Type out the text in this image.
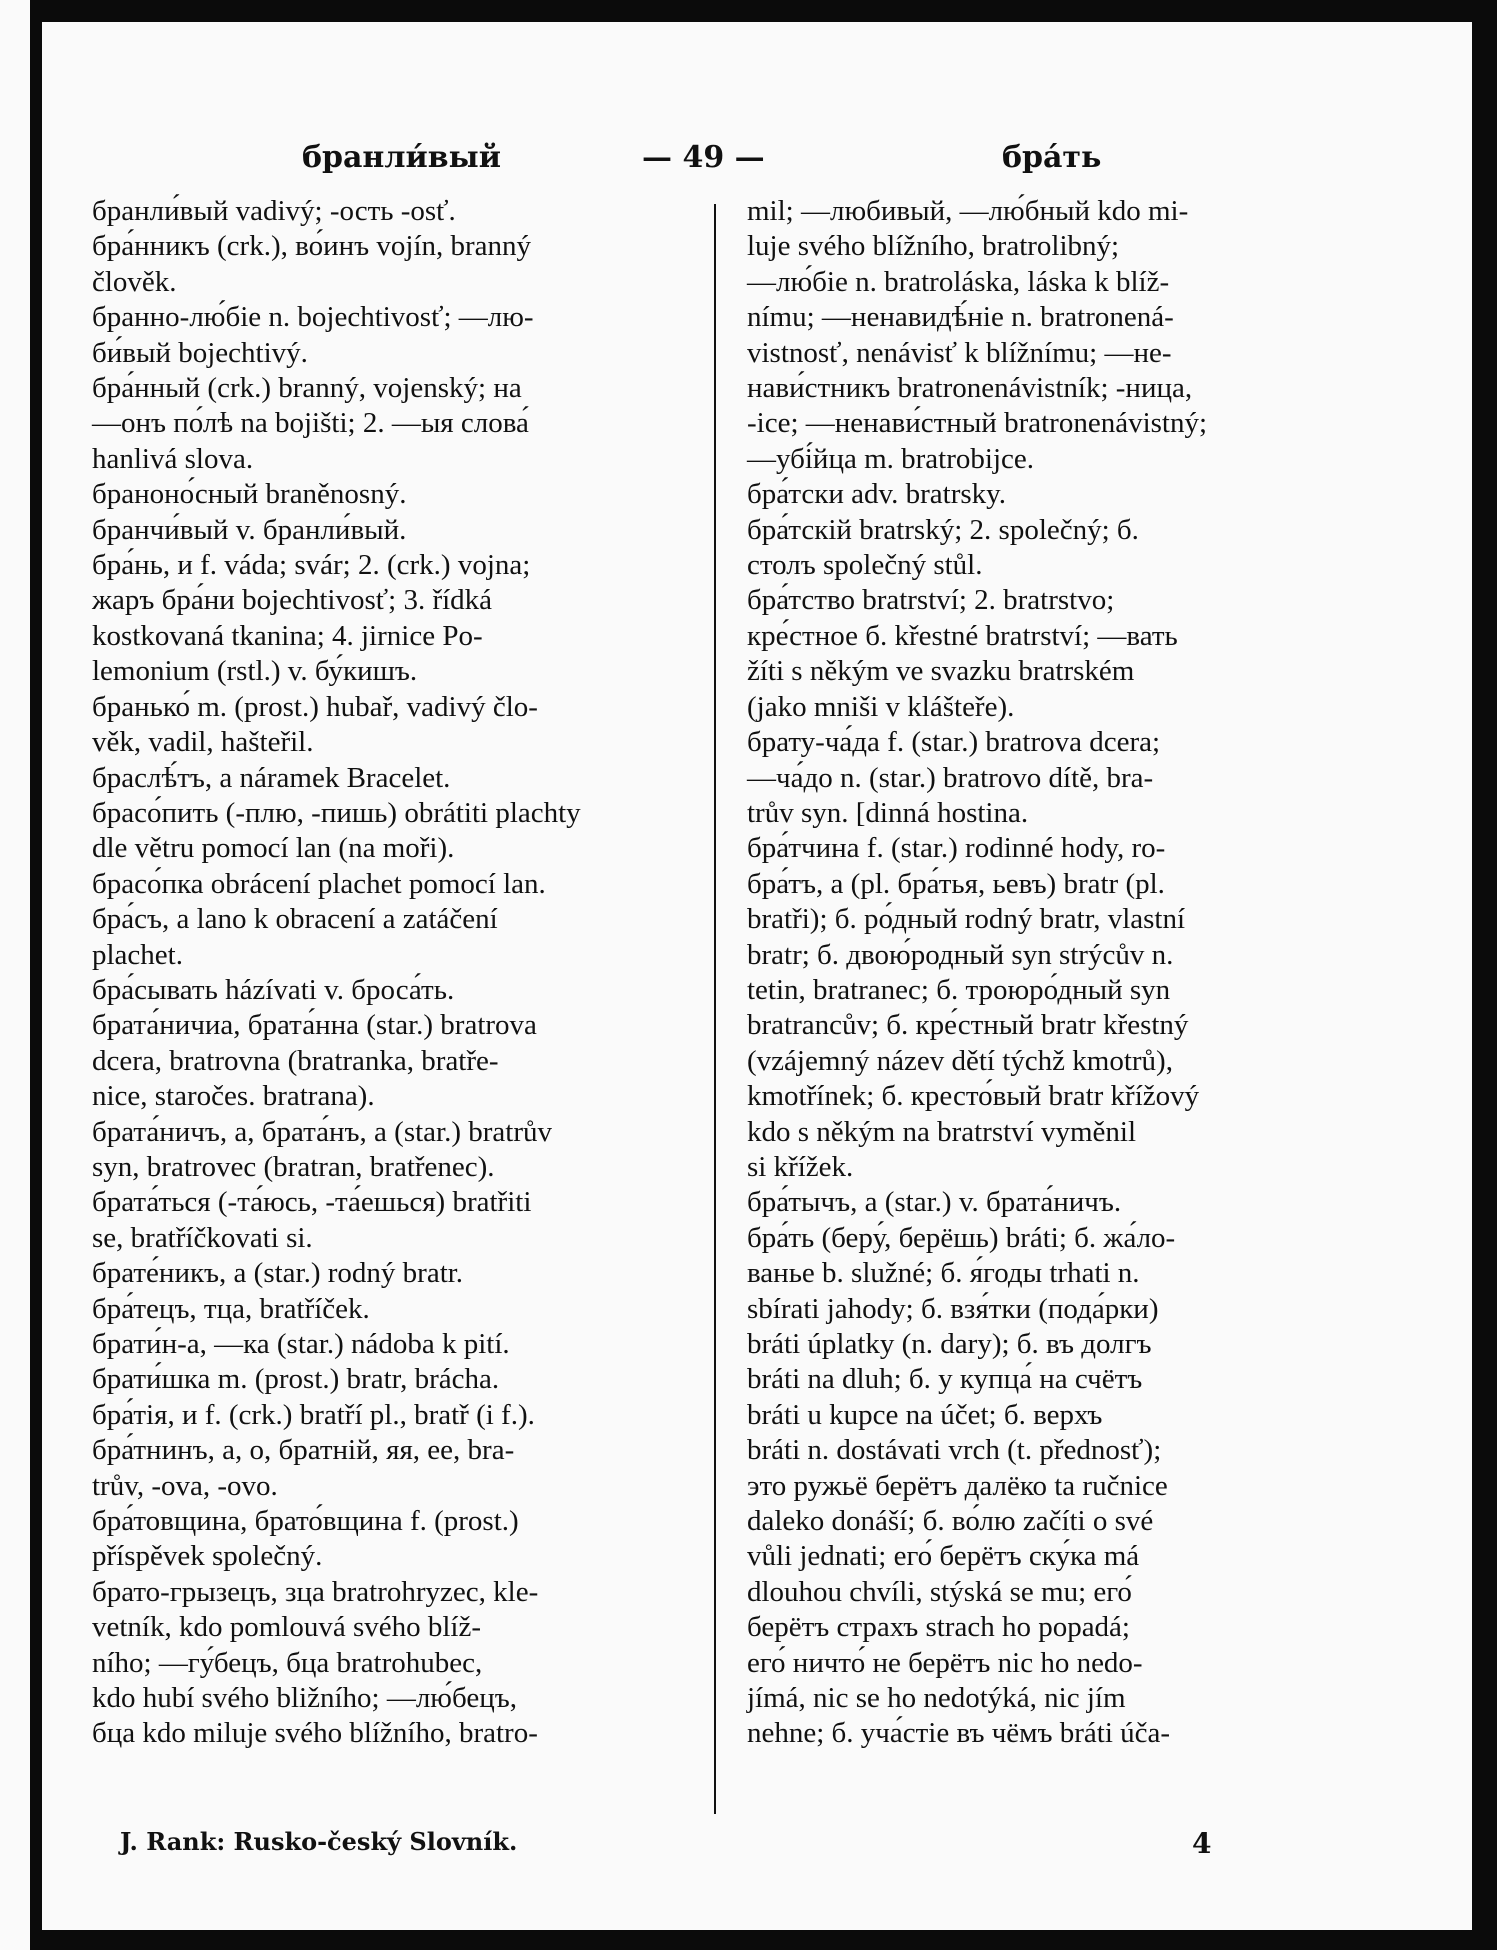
бранли́вый	— 49 —	бра́ть
бранли́вый vadivý; -ость -osť.
бра́нникъ (crk.), во́инъ vojín, branný
člověk.
бранно-лю́біе n. bojechtivosť; —лю-
би́вый bojechtivý.
бра́нный (crk.) branný, vojenský; на
—онъ по́лѣ na bojišti; 2. —ыя слова́
hanlivá slova.
браноно́сный braněnosný.
бранчи́вый v. бранли́вый.
бра́нь, и f. váda; svár; 2. (crk.) vojna;
жаръ бра́ни bojechtivosť; 3. řídká
kostkovaná tkanina; 4. jirnice Po-
lemonium (rstl.) v. бу́кишъ.
бранько́ m. (prost.) hubař, vadivý člo-
věk, vadil, hašteřil.
браслѣ́тъ, a náramek Bracelet.
брасо́пить (-плю, -пишь) obrátiti plachty
dle větru pomocí lan (na moři).
брасо́пка obrácení plachet pomocí lan.
бра́съ, a lano k obracení a zatáčení
plachet.
бра́сывать házívati v. броса́ть.
брата́ничиа, брата́нна (star.) bratrova
dcera, bratrovna (bratranka, bratře-
nice, staročes. bratrana).
брата́ничъ, a, брата́нъ, a (star.) bratrův
syn, bratrovec (bratran, bratřenec).
брата́ться (-та́юсь, -та́ешься) bratřiti
se, bratříčkovati si.
брате́никъ, a (star.) rodný bratr.
бра́тецъ, тца, bratříček.
брати́н-а, —ка (star.) nádoba k pití.
брати́шка m. (prost.) bratr, brácha.
бра́тія, и f. (crk.) bratří pl., bratř (i f.).
бра́тнинъ, a, o, братній, яя, ee, bra-
trův, -ova, -ovo.
бра́товщина, брато́вщина f. (prost.)
příspěvek společný.
брато-грызецъ, зца bratrohryzec, kle-
vetník, kdo pomlouvá svého blíž-
ního; —гу́бецъ, бца bratrohubec,
kdo hubí svého bližního; —лю́бецъ,
бца kdo miluje svého blížního, bratro-
mil; —любивый, —лю́бный kdo mi-
luje svého blížního, bratrolibný;
—лю́біе n. bratroláska, láska k blíž-
nímu; —ненавидѣ́ніе n. bratronená-
vistnosť, nenávisť k blížnímu; —не-
нави́стникъ bratronenávistník; -ница,
-ice; —ненави́стный bratronenávistný;
—убі́йца m. bratrobijce.
бра́тски adv. bratrsky.
бра́тскій bratrský; 2. společný; б.
столъ společný stůl.
бра́тство bratrství; 2. bratrstvo;
кре́стное б. křestné bratrství; —вать
žíti s někým ve svazku bratrském
(jako mniši v klášteře).
брату-ча́да f. (star.) bratrova dcera;
—ча́до n. (star.) bratrovo dítě, bra-
trův syn. [dinná hostina.
бра́тчина f. (star.) rodinné hody, ro-
бра́тъ, a (pl. бра́тья, ьевъ) bratr (pl.
bratři); б. ро́дный rodný bratr, vlastní
bratr; б. двою́родный syn strýcův n.
tetin, bratranec; б. троюро́дный syn
bratrancův; б. кре́стный bratr křestný
(vzájemný název dětí týchž kmotrů),
kmotřínek; б. кресто́вый bratr křížový
kdo s někým na bratrství vyměnil
si křížek.
бра́тычъ, a (star.) v. брата́ничъ.
бра́ть (беру́, берёшь) bráti; б. жа́ло-
ванье b. služné; б. я́годы trhati n.
sbírati jahody; б. взя́тки (пода́рки)
bráti úplatky (n. dary); б. въ долгъ
bráti na dluh; б. у купца́ на счётъ
bráti u kupce na účet; б. верхъ
bráti n. dostávati vrch (t. přednosť);
это ружьё берётъ далёко ta ručnice
daleko donáší; б. во́лю začíti o své
vůli jednati; его́ берётъ ску́ка má
dlouhou chvíli, stýská se mu; его́
берётъ страхъ strach ho popadá;
его́ ничто́ не берётъ nic ho nedo-
jímá, nic se ho nedotýká, nic jím
nehne; б. уча́стіе въ чёмъ bráti úča-
J. Rank: Rusko-český Slovník.	4
